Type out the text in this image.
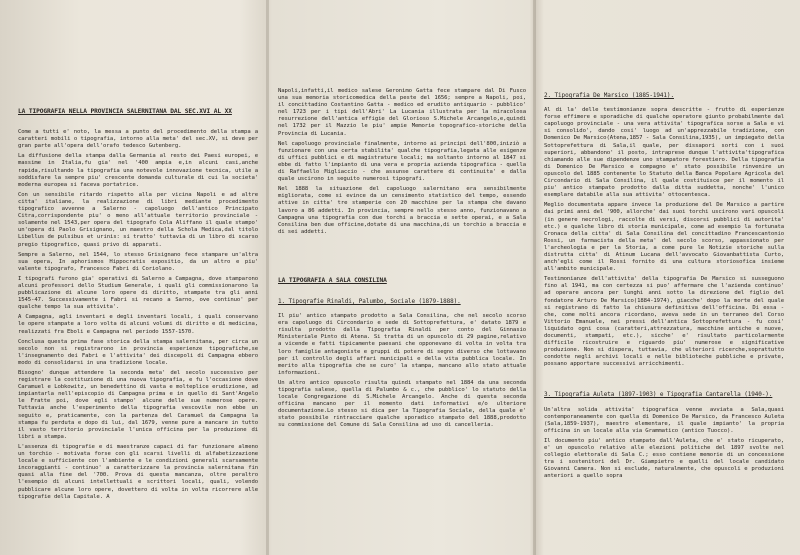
LA TIPOGRAFIA NELLA PROVINCIA SALERNITANA DAL SEC.XVI AL XX

Come a tutti e' noto, la messa a punto del procedimento della stampa a caratteri mobili o tipografia, intorno alla meta' del sec.XV, si deve per gran parte all'opera dell'orafo tedesco Gutenberg.

La diffusione della stampa dalla Germania al resto dei Paesi europei, e massime in Italia,fu gia' nel '400 ampia e,in alcuni casi,anche rapida,risultando la tipografia una notevole innovazione tecnica, utile a soddisfare la sempre piu' crescente domanda culturale di cui la societa' moderna europea si faceva portatrice.

Con un sensibile ritardo rispetto alla per vicina Napoli e ad altre citta' italiane, la realizzazione di libri mediante procedimento tipografico avvenne a Salerno - capoluogo dell'antico Principato Citra,corrispondente piu' o meno all'attuale territorio provinciale - solamente nel 1543,per opera del tipografo Cola Aliffano il quale stampo' un'opera di Paolo Grisignano, un maestro della Schola Medica,dal titolo Libellus de pulsibus et urinis: si tratto' tuttavia di un libro di scarso pregio tipografico, quasi privo di apparati.

Sempre a Salerno, nel 1544, lo stesso Grisignano fece stampare un'altra sua opera, In aphorismos Hippocratis expositio, da un altro e piu' valente tipografo, Francesco Fabri di Coriolano.

I tipografi furono gia' operativi di Salerno a Campagna, dove stamparono alcuni professori dello Studium Generale, i quali gli commissionarono la pubblicazione di alcune loro opere di diritto, stampate tra gli anni 1545-47. Successivamente i Fabri si recano a Sarno, ove continuo' per qualche tempo la sua attivita'.

A Campagna, agli inventari e degli inventari locali, i quali conservano le opere stampate a loro volta di alcuni volumi di diritto e di medicina, realizzati fra Eboli e Campagna nel periodo 1557-1570.

Conclusa questa prima fase storica della stampa salernitana, per circa un secolo non si registrarono in provincia esperienze tipografiche,se l'insegnamento dei Fabri e l'attivita' dei discepoli di Campagna ebbero modo di consolidarsi in una tradizione locale.

Bisogno' dunque attendere la seconda meta' del secolo successivo per registrare la costituzione di una nuova tipografia, e fu l'occasione dove Caramuel e Lobkowitz, un benedettino di vasta e molteplice erudizione, ad impiantarla nell'episcopio di Campagna prima e in quello di Sant'Angelo le Fratte poi, dove egli stampo' alcune delle sue numerose opere. Tuttavia anche l'esperimento della tipografia vescovile non ebbe un seguito e, praticamente, con la partenza del Caramuel da Campagna la stampa fu perduta e dopo di lui, dal 1679, venne pure a mancare in tutto il vasto territorio provinciale l'unica officina per la produzione di libri a stampa.

L'assenza di tipografie e di maestranze capaci di far funzionare almeno un torchio - motivata forse con gli scarsi livelli di alfabetizzazione locale e sufficiente con l'ambiente e le condizioni generali scarsamente incoraggianti - continuo' a caratterizzare la provincia salernitana fin quasi alla fine del '700. Prova di questa mancanza, oltre peraltro l'esempio di alcuni intellettuali e scrittori locali, quali, volendo pubblicare alcune loro opere, dovettero di volta in volta ricorrere alle tipografie della Capitale. A

Napoli,infatti,il medico salese Geronimo Gatta fece stampare dal Di Fusco una sua memoria storicomedica della peste del 1656; sempre a Napoli, poi, il concittadino Costantino Gatta - medico ed erudito antiquario - pubblico' nel 1723 per i tipi dell'Abri' La Lucania illustrata per la miracolosa resurrezione dell'antica effigie del Glorioso S.Michele Arcangelo,e,quindi nel 1732 per il Mazzio le piu' ampie Memorie topografico-storiche della Provincia di Lucania.

Nel capoluogo provinciale finalmente, intorno ai principi dell'800,iniziò a funzionare con una certa stabilita' qualche tipografia,legata alle esigenze di uffici pubblici e di magistrature locali; ma soltanto intorno al 1847 si ebbe di fatto l'impianto di una vera e propria azienda tipografica - quella di Raffaello Migliaccio - che assunse carattere di continuita' e dalla quale uscirono in seguito numerosi tipografi.

Nel 1888 la situazione del capoluogo salernitano era sensibilmente migliorata, come si evince da un censimento statistico del tempo, essendo attive in citta' tre stamperie con 20 macchine per la stampa che davano lavoro a 86 addetti. In provincia, sempre nello stesso anno, funzionavano a Campagna una tipografia con due torchi a braccia e sette operai, e a Sala Consilina ben due officine,dotate di una macchina,di un torchio a braccia e di sei addetti.

LA TIPOGRAFIA A SALA CONSILINA
1. Tipografie Rinaldi, Palumbo, Sociale (1879-1888).

Il piu' antico stampato prodotto a Sala Consilina, che nel secolo scorso era capoluogo di Circondario e sede di Sottoprefettura, e' datato 1879 e risulta prodotto dalla Tipografia Rinaldi per conto del Ginnasio Ministeriale Pinto di Atena. Si tratta di un opuscolo di 29 pagine,relativo a vicende e fatti tipicamente paesani che opponevano di volta in volta tra loro famiglie antagoniste e gruppi di potere di segno diverso che lottavano per il controllo degli affari municipali e della vita pubblica locale. In merito alla tipografia che se curo' la stampa, mancano allo stato attuale informazioni.

Un altro antico opuscolo risulta quindi stampato nel 1884 da una seconda tipografia salese, quella di Palumbo & c., che pubblico' lo statuto della locale Congregazione di S.Michele Arcangelo. Anche di questa seconda officina mancano per il momento dati informativi e/o ulteriore documentazione.Lo stesso si dica per la Tipografia Sociale, della quale e' stato possibile rintracciare qualche sporadico stampato del 1888,prodotto su commissione del Comune di Sala Consilina ad uso di cancelleria.

2. Tipografia De Marsico (1885-1941).

Al di la' delle testimonianze sopra descritte - frutto di esperienze forse effimere e sporadiche di qualche operatore giunto probabilmente dal capoluogo provinciale - una vera attivita' tipografica sorse a Sala e vi si consolido', dando cosi' luogo ad un'apprezzabile tradizione, con Domenico De Marsico(Atena,1857 - Sala Consilina,1935), un impiegato della Sottoprefettura di Sala,il quale, per dissapori sorti con i suoi superiori, abbandono' il posto, intraprese dunque l'attivita'tipografica chiamando alle sue dipendenze uno stampatore forestiero. Della tipografia di Domenico De Marsico e compagno e' stato possibile rinvenire un opuscolo del 1885 contenente lo Statuto della Banca Popolare Agricola del Circondario di Sala Consilina, il quale costituisce per il momento il piu' antico stampato prodotto dalla ditta suddetta, nonche' l'unico esemplare databile alla sua attivita' ottocentesca.

Meglio documentata appare invece la produzione del De Marsico a partire dai primi anni del '900, allorche' dai suoi torchi uscirono vari opuscoli (in genere necrologi, raccolte di versi, discorsi pubblici di autorita' etc.) e qualche libro di storia municipale, come ad esempio la fortunata Cronaca della citta' di Sala Consilina del concittadino Francescantonio Rossi, un farmacista della meta' del secolo scorso, appassionato per l'archeologia e per la Storia, a come pure le Notizie storiche sulla distrutta citta' di Atinum Lucana dell'avvocato Giovanbattista Curto, anch'egli come il Rossi fornito di una cultura storiosofica insieme all'ambito municipale.

Testimonianze dell'attivita' della tipografia De Marsico si susseguono fino al 1941, ma con certezza si puo' affermare che l'azienda continuo' ad operare ancora per lunghi anni sotto la direzione del figlio del fondatore Arturo De Marsico(1884-1974), giacche' dopo la morte del quale si registrano di fatto la chiusura definitiva dell'officina. Di essa - che, come molti ancora ricordano, aveva sede in un terraneo del Corso Vittorio Emanuele, nei pressi dell'antica Sottoprefettura - fu cosi' liquidato ogni cosa (caratteri,attrezzatura, macchine antiche e nuove, documenti, stampati, etc.), sicche' e' risultato particolarmente difficile ricostruire e riguardo piu' numerose e significative produzione. Non si dispera, tuttavia, che ulteriori ricerche,soprattutto condotte negli archivi locali e nelle biblioteche pubbliche e private, possano apportare successivi arricchimenti.

3. Tipografia Auleta (1897-1903) e Tipografia Cantarella (1940-).

Un'altra solida attivita' tipografica venne avviata a Sala,quasi contemporaneamente con quella di Domenico De Marsico, da Francesco Auleta (Sala,1859-1937), maestro elementare, il quale impianto' la propria officina in un locale alla via Grammatico (antico Tuocco).

Il documento piu' antico stampato dall'Auleta, che e' stato ricuperato, e' un opuscolo relativo alle elezioni politiche del 1897 svolte nel collegio elettorale di Sala C.; esso contiene memorie di un concessione tra i sostenitori del Dr. Giampietro e quelli del locale candidato Giovanni Camera. Non si esclude, naturalmente, che opuscoli e produzioni anteriori a quello sopra
